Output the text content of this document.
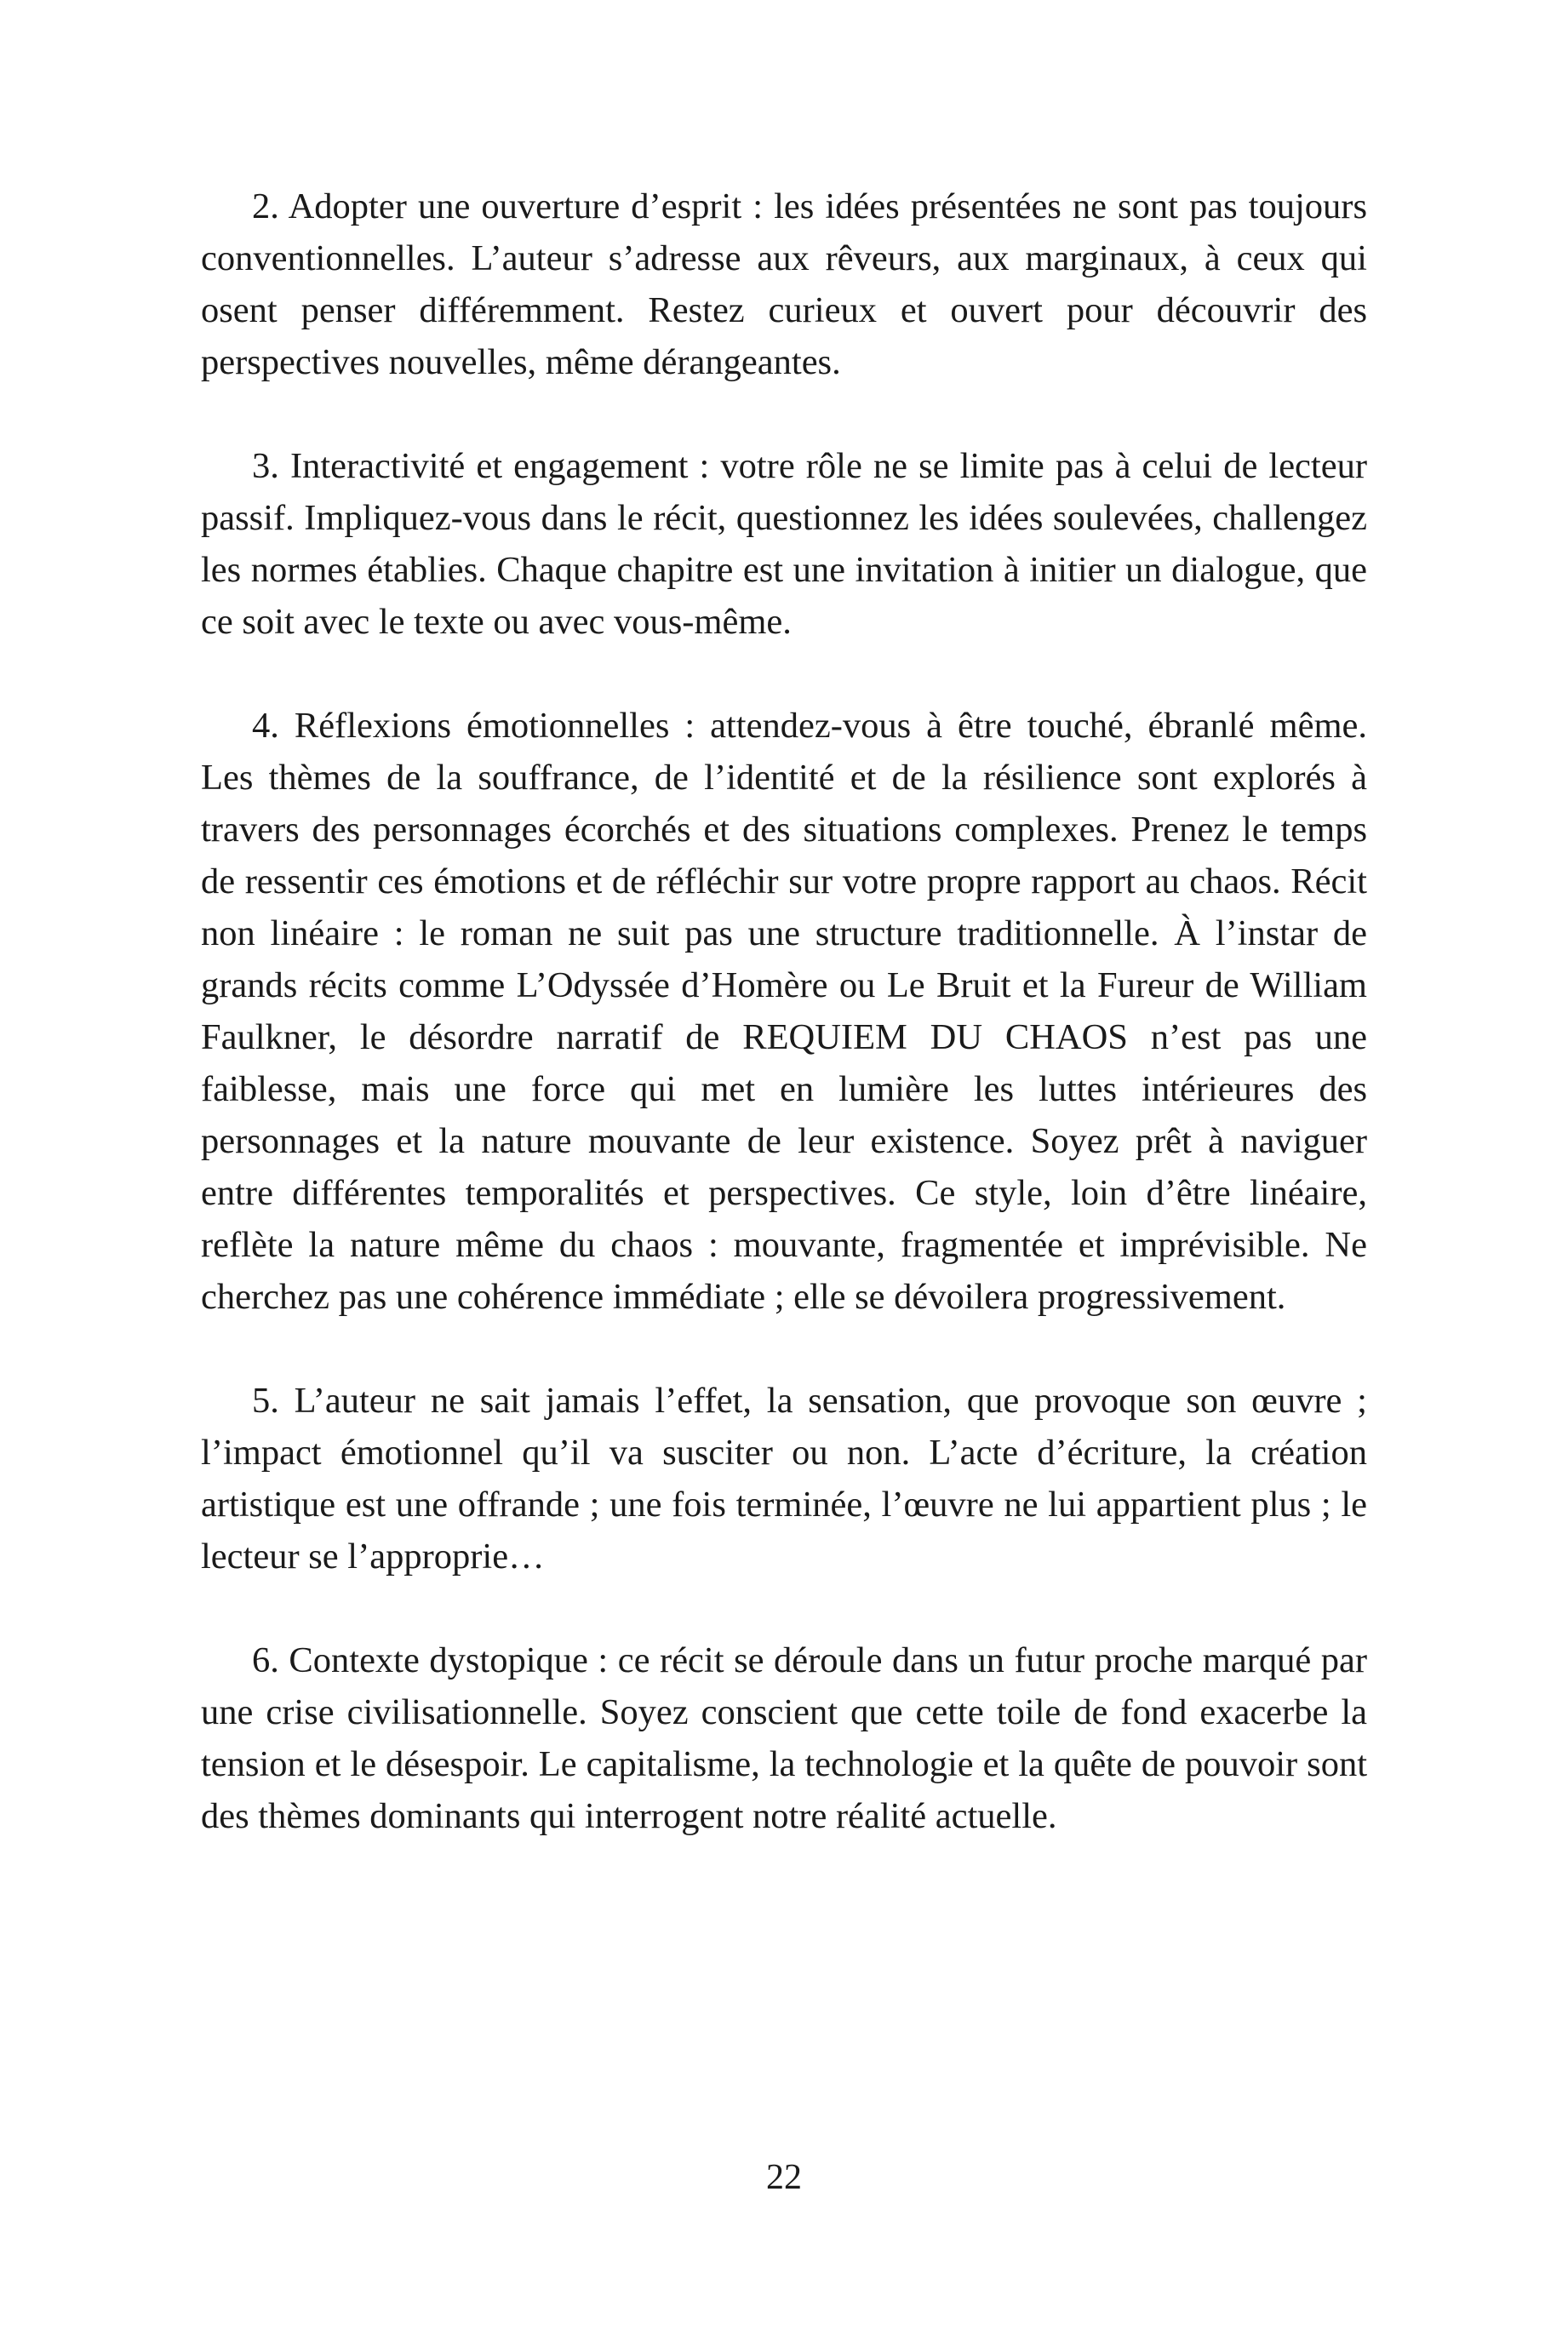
2. Adopter une ouverture d’esprit : les idées présentées ne sont pas toujours conventionnelles. L’auteur s’adresse aux rêveurs, aux marginaux, à ceux qui osent penser différemment. Restez curieux et ouvert pour découvrir des perspectives nouvelles, même dérangeantes.

3. Interactivité et engagement : votre rôle ne se limite pas à celui de lecteur passif. Impliquez-vous dans le récit, questionnez les idées soulevées, challengez les normes établies. Chaque chapitre est une invitation à initier un dialogue, que ce soit avec le texte ou avec vous-même.

4. Réflexions émotionnelles : attendez-vous à être touché, ébranlé même. Les thèmes de la souffrance, de l’identité et de la résilience sont explorés à travers des personnages écorchés et des situations complexes. Prenez le temps de ressentir ces émotions et de réfléchir sur votre propre rapport au chaos. Récit non linéaire : le roman ne suit pas une structure traditionnelle. À l’instar de grands récits comme L’Odyssée d’Homère ou Le Bruit et la Fureur de William Faulkner, le désordre narratif de REQUIEM DU CHAOS n’est pas une faiblesse, mais une force qui met en lumière les luttes intérieures des personnages et la nature mouvante de leur existence. Soyez prêt à naviguer entre différentes temporalités et perspectives. Ce style, loin d’être linéaire, reflète la nature même du chaos : mouvante, fragmentée et imprévisible. Ne cherchez pas une cohérence immédiate ; elle se dévoilera progressivement.

5. L’auteur ne sait jamais l’effet, la sensation, que provoque son œuvre ; l’impact émotionnel qu’il va susciter ou non. L’acte d’écriture, la création artistique est une offrande ; une fois terminée, l’œuvre ne lui appartient plus ; le lecteur se l’approprie…

6. Contexte dystopique : ce récit se déroule dans un futur proche marqué par une crise civilisationnelle. Soyez conscient que cette toile de fond exacerbe la tension et le désespoir. Le capitalisme, la technologie et la quête de pouvoir sont des thèmes dominants qui interrogent notre réalité actuelle.

22
